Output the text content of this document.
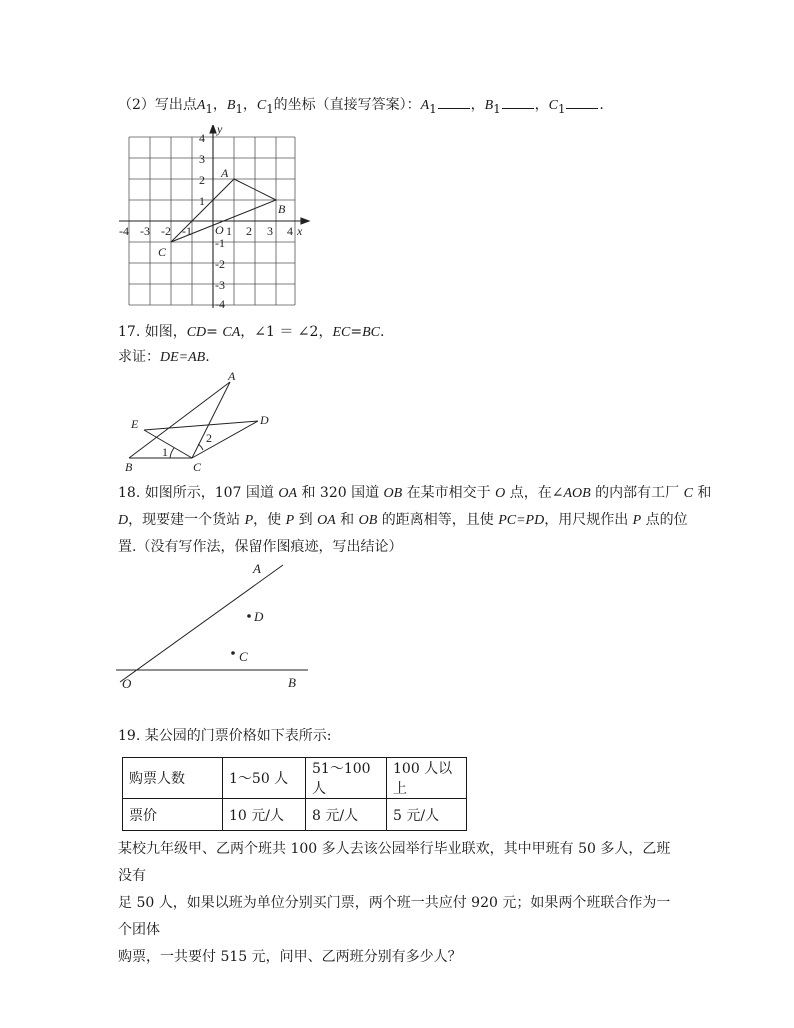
（2）写出点$A_1$，$B_1$，$C_1$的坐标（直接写答案）：$A_1$ ，$B_1$ ，$C_1$ .
-4 -3 -2 -1	1 2 3 4
4
3
2
1
-1
-2
-3
-4
O	x
y
A
B
C
17. 如图，CD= CA，∠1 ＝ ∠2，EC=BC.
求证：DE=AB.
A
E	D
B	C
1
2
18. 如图所示，107 国道 OA 和 320 国道 OB 在某市相交于 O 点，在∠AOB 的内部有工厂 C 和
D，现要建一个货站 P，使 P 到 OA 和 OB 的距离相等，且使 PC=PD，用尺规作出 P 点的位
置.（没有写作法，保留作图痕迹，写出结论）
A
D
C
O	B
19. 某公园的门票价格如下表所示:
购票人数	1～50 人	51～100 人	100 人以上
票价	10 元/人	8 元/人	5 元/人
某校九年级甲、乙两个班共 100 多人去该公园举行毕业联欢，其中甲班有 50 多人，乙班没有
足 50 人，如果以班为单位分别买门票，两个班一共应付 920 元；如果两个班联合作为一个团体
购票，一共要付 515 元，问甲、乙两班分别有多少人？
